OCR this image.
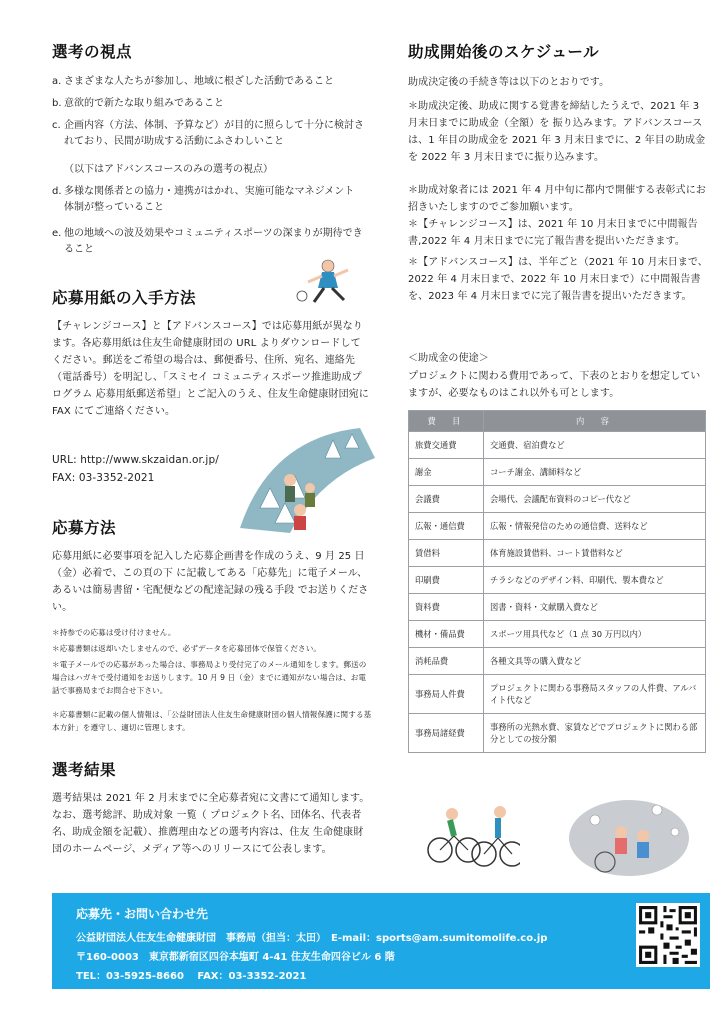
選考の視点
a. さまざまな人たちが参加し、地域に根ざした活動であること
b. 意欲的で新たな取り組みであること
c. 企画内容（方法、体制、予算など）が目的に照らして十分に検討されており、民間が助成する活動にふさわしいこと
（以下はアドバンスコースのみの選考の視点）
d. 多様な関係者との協力・連携がはかれ、実施可能なマネジメント体制が整っていること
e. 他の地域への波及効果やコミュニティスポーツの深まりが期待できること
応募用紙の入手方法
【チャレンジコース】と【アドバンスコース】では応募用紙が異なります。各応募用紙は住友生命健康財団の URL よりダウンロードしてください。郵送をご希望の場合は、郵便番号、住所、宛名、連絡先（電話番号）を明記し、「スミセイ コミュニティスポーツ推進助成プログラム 応募用紙郵送希望」とご記入のうえ、住友生命健康財団宛に FAX にてご連絡ください。
URL: http://www.skzaidan.or.jp/
FAX: 03-3352-2021
応募方法
応募用紙に必要事項を記入した応募企画書を作成のうえ、9 月 25 日（金）必着で、この頁の下 に記載してある「応募先」に電子メール、あるいは簡易書留・宅配便などの配達記録の残る手段 でお送りください。
＊持参での応募は受け付けません。
＊応募書類は返却いたしませんので、必ずデータを応募団体で保管ください。
＊電子メールでの応募があった場合は、事務局より受付完了のメール通知をします。郵送の場合はハガキで受付通知をお送りします。10 月 9 日（金）までに通知がない場合は、お電話で事務局までお問合せ下さい。
＊応募書類に記載の個人情報は、「公益財団法人住友生命健康財団の個人情報保護に関する基本方針」を遵守し、適切に管理します。
選考結果
選考結果は 2021 年 2 月末までに全応募者宛に文書にて通知します。なお、選考総評、助成対象 一覧（ プロジェクト名、団体名、代表者名、助成金額を記載）、推薦理由などの選考内容は、住友 生命健康財団のホームページ、メディア等へのリリースにて公表します。
助成開始後のスケジュール
助成決定後の手続き等は以下のとおりです。
＊助成決定後、助成に関する覚書を締結したうえで、2021 年 3 月末日までに助成金（全額）を 振り込みます。アドバンスコースは、1 年目の助成金を 2021 年 3 月末日までに、2 年目の助成金を 2022 年 3 月末日までに振り込みます。
＊助成対象者には 2021 年 4 月中旬に都内で開催する表彰式にお招きいたしますのでご参加願います。
＊【チャレンジコース】は、2021 年 10 月末日までに中間報告書,2022 年 4 月末日までに完了報告書を提出いただきます。
＊【アドバンスコース】は、半年ごと（2021 年 10 月末日まで、2022 年 4 月末日まで、2022 年 10 月末日まで）に中間報告書を、2023 年 4 月末日までに完了報告書を提出いただきます。
＜助成金の使途＞
プロジェクトに関わる費用であって、下表のとおりを想定していますが、必要なものはこれ以外も可とします。
費　目	内　容
旅費交通費	交通費、宿泊費など
謝金	コーチ謝金、講師料など
会議費	会場代、会議配布資料のコピー代など
広報・通信費	広報・情報発信のための通信費、送料など
賃借料	体育施設賃借料、コート賃借料など
印刷費	チラシなどのデザイン料、印刷代、製本費など
資料費	図書・資料・文献購入費など
機材・備品費	スポーツ用具代など（1 点 30 万円以内）
消耗品費	各種文具等の購入費など
事務局人件費	プロジェクトに関わる事務局スタッフの人件費、アルバイト代など
事務局諸経費	事務所の光熱水費、家賃などでプロジェクトに関わる部分としての按分額
応募先・お問い合わせ先
公益財団法人住友生命健康財団　事務局（担当：太田）　E-mail：sports@am.sumitomolife.co.jp
〒160-0003　東京都新宿区四谷本塩町 4-41 住友生命四谷ビル 6 階
TEL：03-5925-8660　 FAX：03-3352-2021
